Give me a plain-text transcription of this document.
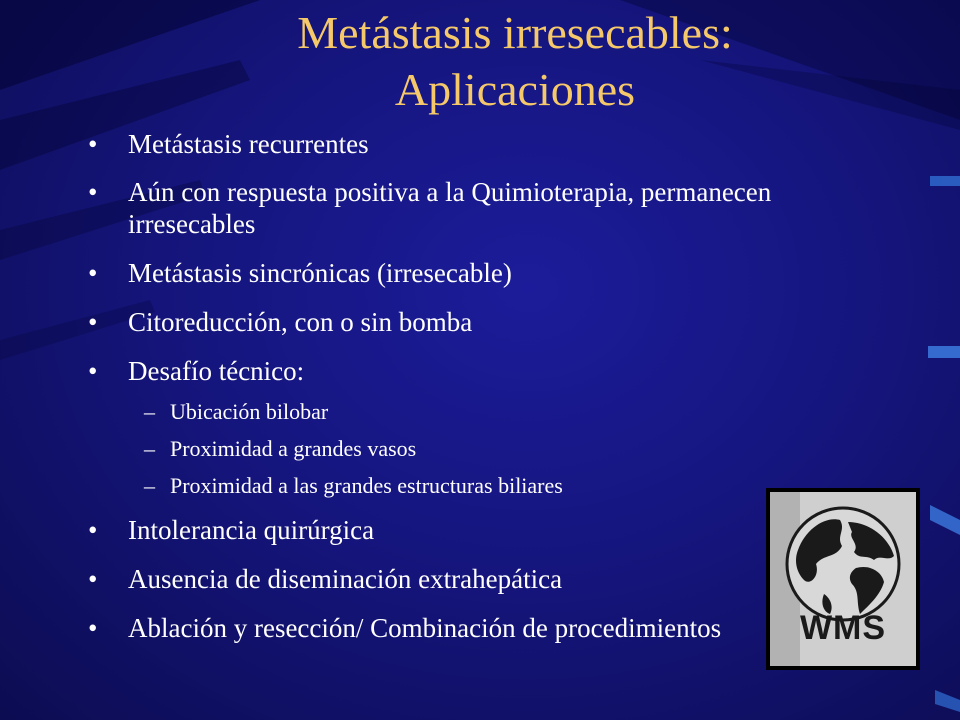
Metástasis irresecables:
Aplicaciones
• Metástasis recurrentes
• Aún con respuesta positiva a la Quimioterapia, permanecen irresecables
• Metástasis sincrónicas (irresecable)
• Citoreducción, con o sin bomba
• Desafío técnico:
– Ubicación bilobar
– Proximidad a grandes vasos
– Proximidad a las grandes estructuras biliares
• Intolerancia quirúrgica
• Ausencia de diseminación extrahepática
• Ablación y resección/ Combinación de procedimientos	WMS
